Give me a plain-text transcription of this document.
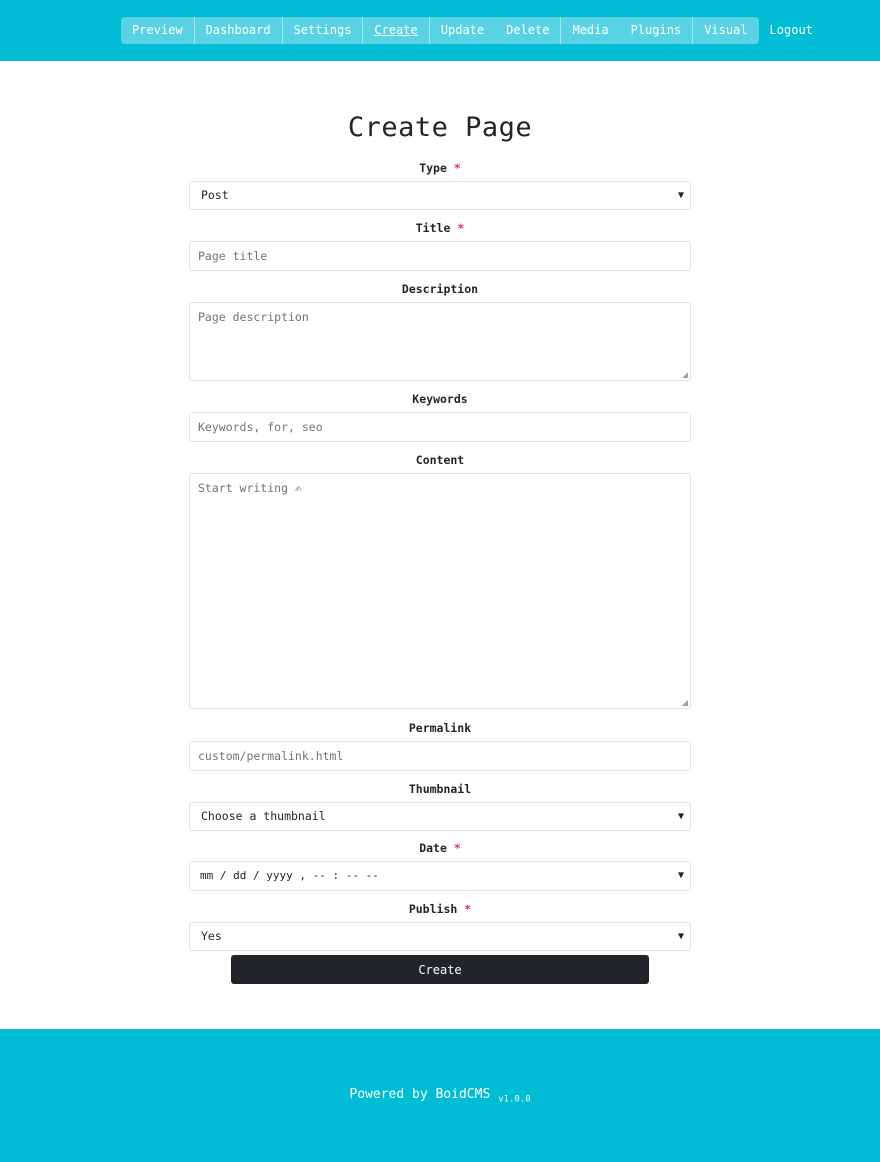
Preview	Dashboard	Settings	Create	Update	Delete	Media	Plugins	Visual	Logout
Create Page
Type *
Post	▼
Title *
Page title
Description
Page description
Keywords
Keywords, for, seo
Content
Start writing ✍
Permalink
custom/permalink.html
Thumbnail
Choose a thumbnail	▼
Date *
mm / dd / yyyy , -- : -- --	▼
Publish *
Yes	▼
Create
Powered by BoidCMS $_{v1.0.0}$
